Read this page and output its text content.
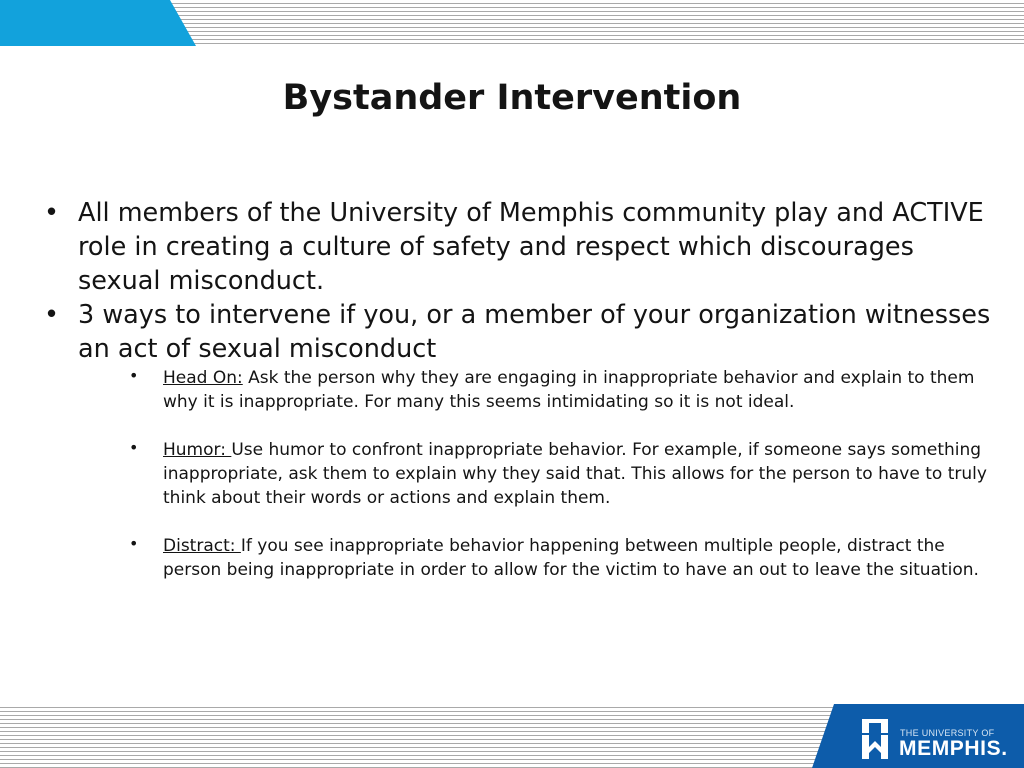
Bystander Intervention
• All members of the University of Memphis community play and ACTIVE role in creating a culture of safety and respect which discourages sexual misconduct.
• 3 ways to intervene if you, or a member of your organization witnesses an act of sexual misconduct
• Head On: Ask the person why they are engaging in inappropriate behavior and explain to them why it is inappropriate. For many this seems intimidating so it is not ideal.
• Humor: Use humor to confront inappropriate behavior. For example, if someone says something inappropriate, ask them to explain why they said that. This allows for the person to have to truly think about their words or actions and explain them.
• Distract: If you see inappropriate behavior happening between multiple people, distract the person being inappropriate in order to allow for the victim to have an out to leave the situation.
THE UNIVERSITY OF
MEMPHIS.
